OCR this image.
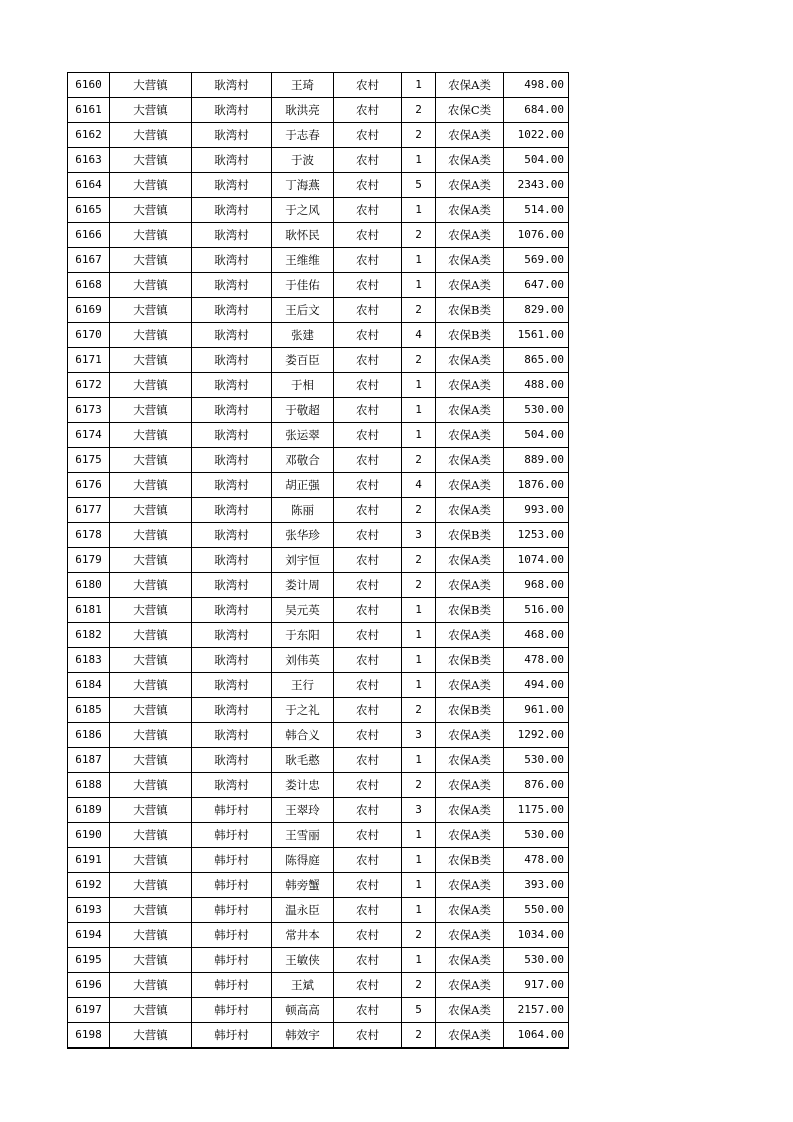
6160	大营镇	耿湾村	王琦	农村	1	农保A类	498.00
6161	大营镇	耿湾村	耿洪亮	农村	2	农保C类	684.00
6162	大营镇	耿湾村	于志春	农村	2	农保A类	1022.00
6163	大营镇	耿湾村	于波	农村	1	农保A类	504.00
6164	大营镇	耿湾村	丁海燕	农村	5	农保A类	2343.00
6165	大营镇	耿湾村	于之风	农村	1	农保A类	514.00
6166	大营镇	耿湾村	耿怀民	农村	2	农保A类	1076.00
6167	大营镇	耿湾村	王维维	农村	1	农保A类	569.00
6168	大营镇	耿湾村	于佳佑	农村	1	农保A类	647.00
6169	大营镇	耿湾村	王后文	农村	2	农保B类	829.00
6170	大营镇	耿湾村	张建	农村	4	农保B类	1561.00
6171	大营镇	耿湾村	娄百臣	农村	2	农保A类	865.00
6172	大营镇	耿湾村	于相	农村	1	农保A类	488.00
6173	大营镇	耿湾村	于敬超	农村	1	农保A类	530.00
6174	大营镇	耿湾村	张运翠	农村	1	农保A类	504.00
6175	大营镇	耿湾村	邓敬合	农村	2	农保A类	889.00
6176	大营镇	耿湾村	胡正强	农村	4	农保A类	1876.00
6177	大营镇	耿湾村	陈丽	农村	2	农保A类	993.00
6178	大营镇	耿湾村	张华珍	农村	3	农保B类	1253.00
6179	大营镇	耿湾村	刘宇恒	农村	2	农保A类	1074.00
6180	大营镇	耿湾村	娄计周	农村	2	农保A类	968.00
6181	大营镇	耿湾村	吴元英	农村	1	农保B类	516.00
6182	大营镇	耿湾村	于东阳	农村	1	农保A类	468.00
6183	大营镇	耿湾村	刘伟英	农村	1	农保B类	478.00
6184	大营镇	耿湾村	王行	农村	1	农保A类	494.00
6185	大营镇	耿湾村	于之礼	农村	2	农保B类	961.00
6186	大营镇	耿湾村	韩合义	农村	3	农保A类	1292.00
6187	大营镇	耿湾村	耿毛憨	农村	1	农保A类	530.00
6188	大营镇	耿湾村	娄计忠	农村	2	农保A类	876.00
6189	大营镇	韩圩村	王翠玲	农村	3	农保A类	1175.00
6190	大营镇	韩圩村	王雪丽	农村	1	农保A类	530.00
6191	大营镇	韩圩村	陈得庭	农村	1	农保B类	478.00
6192	大营镇	韩圩村	韩旁蟹	农村	1	农保A类	393.00
6193	大营镇	韩圩村	温永臣	农村	1	农保A类	550.00
6194	大营镇	韩圩村	常井本	农村	2	农保A类	1034.00
6195	大营镇	韩圩村	王敏侠	农村	1	农保A类	530.00
6196	大营镇	韩圩村	王斌	农村	2	农保A类	917.00
6197	大营镇	韩圩村	顿高高	农村	5	农保A类	2157.00
6198	大营镇	韩圩村	韩效宇	农村	2	农保A类	1064.00
